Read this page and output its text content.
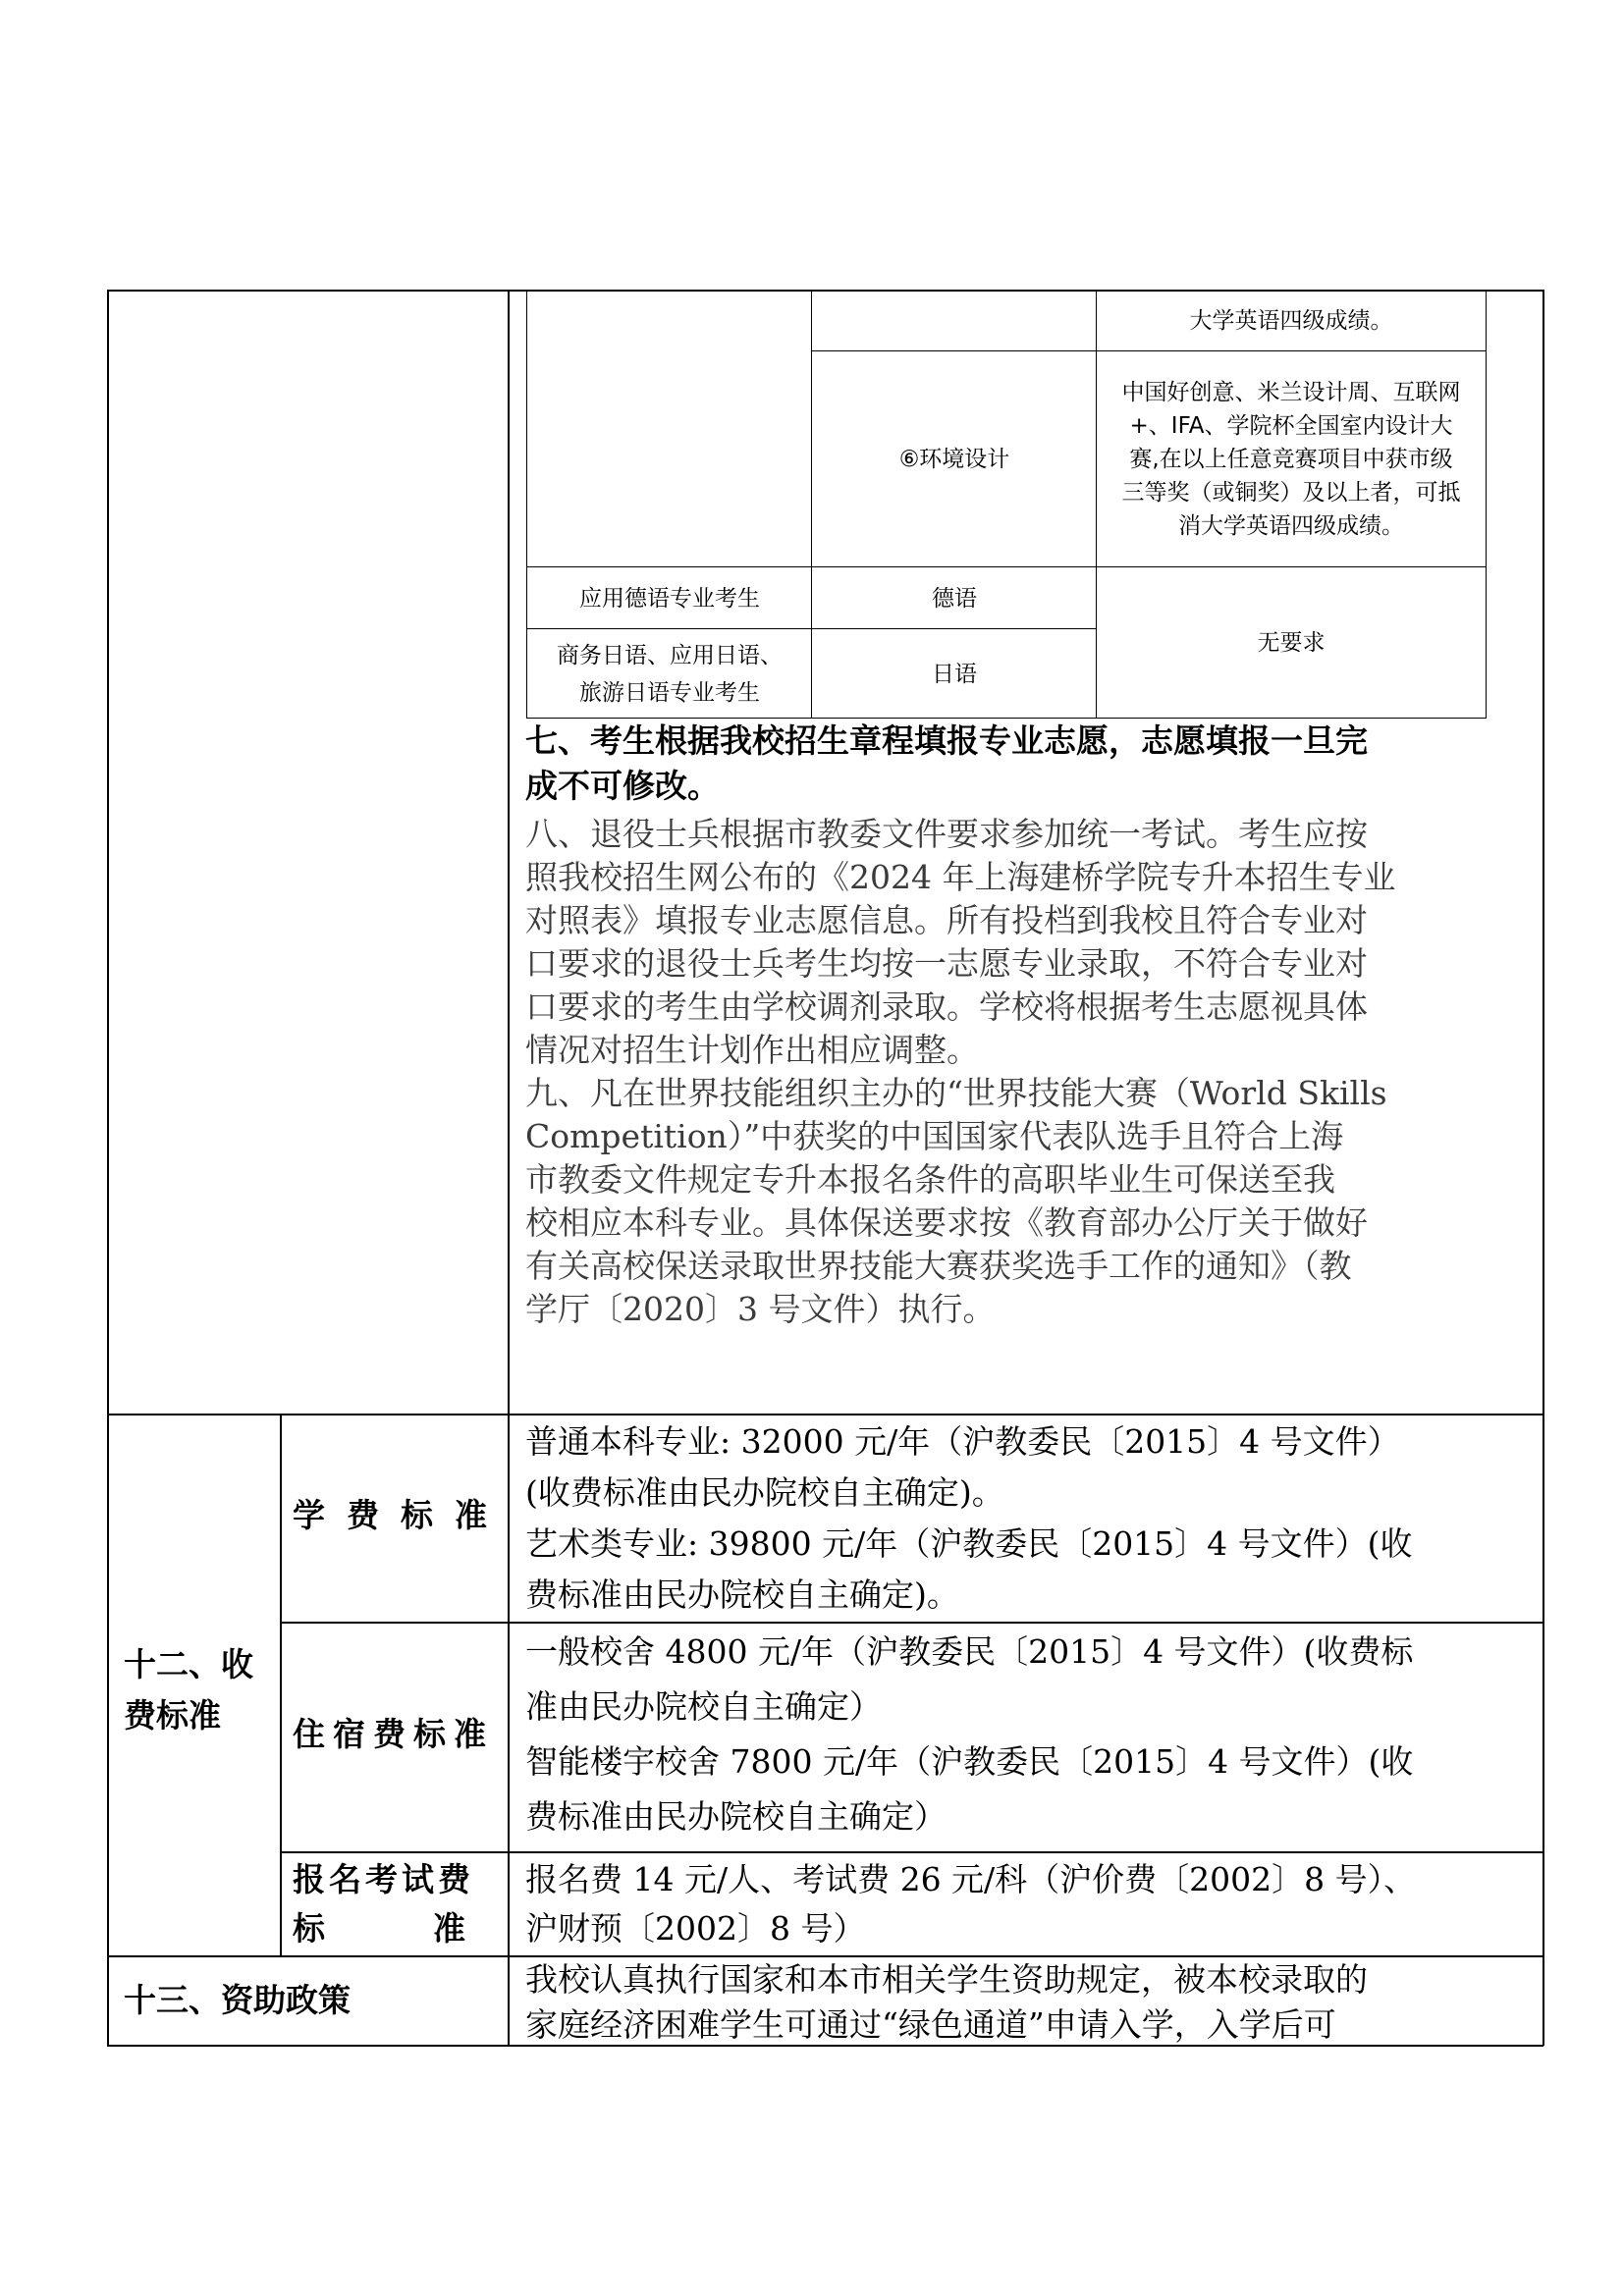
大学英语四级成绩。
⑥环境设计
中国好创意、米兰设计周、互联网
+、IFA、学院杯全国室内设计大
赛,在以上任意竞赛项目中获市级
三等奖（或铜奖）及以上者，可抵
消大学英语四级成绩。
应用德语专业考生	德语
无要求
商务日语、应用日语、
旅游日语专业考生
日语

七、考生根据我校招生章程填报专业志愿，志愿填报一旦完

成不可修改。

八、退役士兵根据市教委文件要求参加统一考试。考生应按

照我校招生网公布的《2024 年上海建桥学院专升本招生专业

对照表》填报专业志愿信息。所有投档到我校且符合专业对

口要求的退役士兵考生均按一志愿专业录取，不符合专业对

口要求的考生由学校调剂录取。学校将根据考生志愿视具体

情况对招生计划作出相应调整。

九、凡在世界技能组织主办的“世界技能大赛（World Skills

Competition）”中获奖的中国国家代表队选手且符合上海

市教委文件规定专升本报名条件的高职毕业生可保送至我

校相应本科专业。具体保送要求按《教育部办公厅关于做好

有关高校保送录取世界技能大赛获奖选手工作的通知》（教

学厅〔2020〕3 号文件）执行。

十二、收

费标准

学费标准

普通本科专业: 32000 元/年（沪教委民〔2015〕4 号文件）

(收费标准由民办院校自主确定)。

艺术类专业: 39800 元/年（沪教委民〔2015〕4 号文件）(收

费标准由民办院校自主确定)。

住宿费标准

一般校舍 4800 元/年（沪教委民〔2015〕4 号文件）(收费标

准由民办院校自主确定）

智能楼宇校舍 7800 元/年（沪教委民〔2015〕4 号文件）(收

费标准由民办院校自主确定）

报名考试费

标准

报名费 14 元/人、考试费 26 元/科（沪价费〔2002〕8 号）、

沪财预〔2002〕8 号）

十三、资助政策

我校认真执行国家和本市相关学生资助规定，被本校录取的

家庭经济困难学生可通过“绿色通道”申请入学，入学后可
